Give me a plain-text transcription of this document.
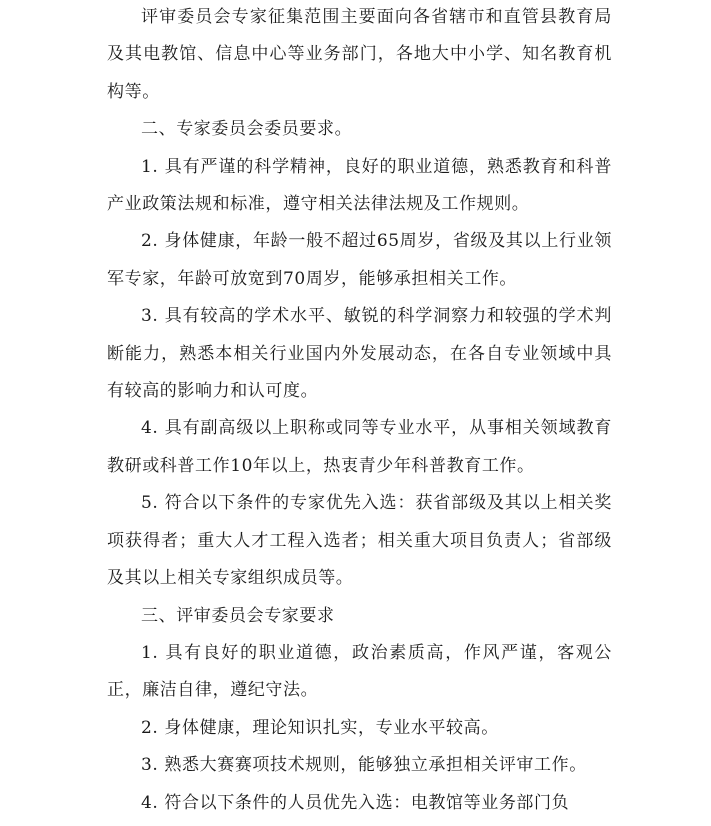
评审委员会专家征集范围主要面向各省辖市和直管县教育局及其电教馆、信息中心等业务部门，各地大中小学、知名教育机构等。

二、专家委员会委员要求。

1. 具有严谨的科学精神，良好的职业道德，熟悉教育和科普产业政策法规和标准，遵守相关法律法规及工作规则。

2. 身体健康，年龄一般不超过65周岁，省级及其以上行业领军专家，年龄可放宽到70周岁，能够承担相关工作。

3. 具有较高的学术水平、敏锐的科学洞察力和较强的学术判断能力，熟悉本相关行业国内外发展动态，在各自专业领域中具有较高的影响力和认可度。

4. 具有副高级以上职称或同等专业水平，从事相关领域教育教研或科普工作10年以上，热衷青少年科普教育工作。

5. 符合以下条件的专家优先入选：获省部级及其以上相关奖项获得者；重大人才工程入选者；相关重大项目负责人；省部级及其以上相关专家组织成员等。

三、评审委员会专家要求

1. 具有良好的职业道德，政治素质高，作风严谨，客观公正，廉洁自律，遵纪守法。

2. 身体健康，理论知识扎实，专业水平较高。

3. 熟悉大赛赛项技术规则，能够独立承担相关评审工作。

4. 符合以下条件的人员优先入选：电教馆等业务部门负
